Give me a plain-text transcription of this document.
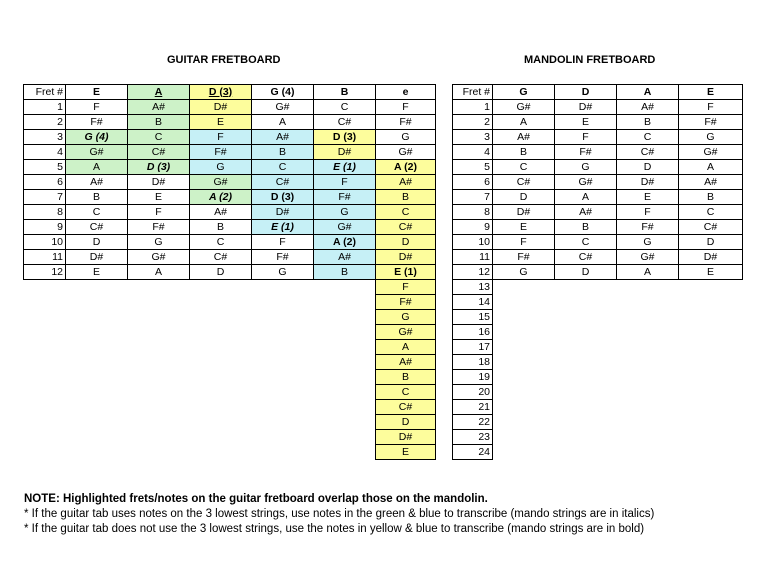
GUITAR FRETBOARD	MANDOLIN FRETBOARD
Fret #	E	A	D (3)	G (4)	B	e
1	F	A#	D#	G#	C	F
2	F#	B	E	A	C#	F#
3	G (4)	C	F	A#	D (3)	G
4	G#	C#	F#	B	D#	G#
5	A	D (3)	G	C	E (1)	A (2)
6	A#	D#	G#	C#	F	A#
7	B	E	A (2)	D (3)	F#	B
8	C	F	A#	D#	G	C
9	C#	F#	B	E (1)	G#	C#
10	D	G	C	F	A (2)	D
11	D#	G#	C#	F#	A#	D#
12	E	A	D	G	B	E (1)
						F
						F#
						G
						G#
						A
						A#
						B
						C
						C#
						D
						D#
						E
Fret #	G	D	A	E
1	G#	D#	A#	F
2	A	E	B	F#
3	A#	F	C	G
4	B	F#	C#	G#
5	C	G	D	A
6	C#	G#	D#	A#
7	D	A	E	B
8	D#	A#	F	C
9	E	B	F#	C#
10	F	C	G	D
11	F#	C#	G#	D#
12	G	D	A	E
13				
14				
15				
16				
17				
18				
19				
20				
21				
22				
23				
24				
NOTE: Highlighted frets/notes on the guitar fretboard overlap those on the mandolin.
* If the guitar tab uses notes on the 3 lowest strings, use notes in the green & blue to transcribe (mando strings are in italics)
* If the guitar tab does not use the 3 lowest strings, use the notes in yellow & blue to transcribe (mando strings are in bold)
